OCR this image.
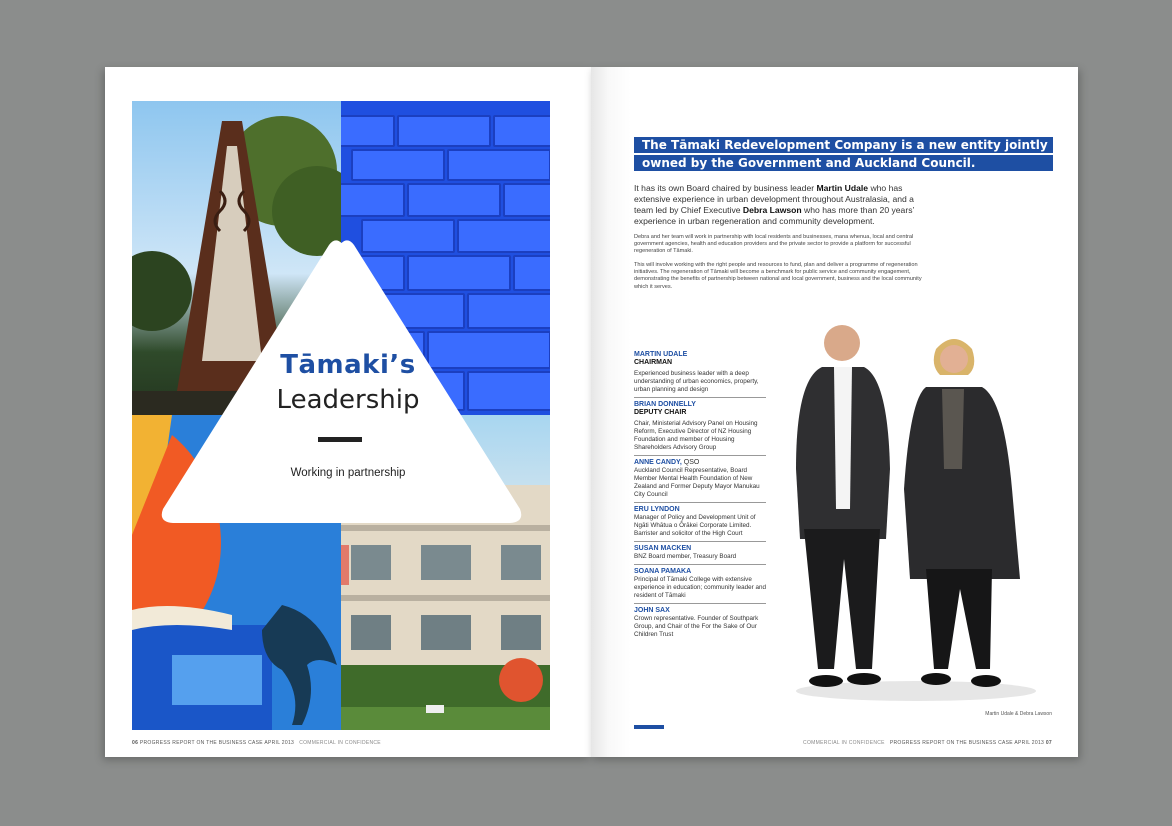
Tāmaki’s
Leadership
Working in partnership
06 PROGRESS REPORT ON THE BUSINESS CASE APRIL 2013 COMMERCIAL IN CONFIDENCE
The Tāmaki Redevelopment Company is a new entity jointly
owned by the Government and Auckland Council.
It has its own Board chaired by business leader Martin Udale who has extensive experience in urban development throughout Australasia, and a team led by Chief Executive Debra Lawson who has more than 20 years’ experience in urban regeneration and community development.
Debra and her team will work in partnership with local residents and businesses, mana whenua, local and central government agencies, health and education providers and the private sector to provide a platform for successful regeneration of Tāmaki.
This will involve working with the right people and resources to fund, plan and deliver a programme of regeneration initiatives. The regeneration of Tāmaki will become a benchmark for public service and community engagement, demonstrating the benefits of partnership between national and local government, business and the local community which it serves.
MARTIN UDALE
CHAIRMAN
Experienced business leader with a deep understanding of urban economics, property, urban planning and design
BRIAN DONNELLY
DEPUTY CHAIR
Chair, Ministerial Advisory Panel on Housing Reform, Executive Director of NZ Housing Foundation and member of Housing Shareholders Advisory Group
ANNE CANDY, QSO
Auckland Council Representative, Board Member Mental Health Foundation of New Zealand and Former Deputy Mayor Manukau City Council
ERU LYNDON
Manager of Policy and Development Unit of Ngāti Whātua o Ōrākei Corporate Limited. Barrister and solicitor of the High Court
SUSAN MACKEN
BNZ Board member, Treasury Board
SOANA PAMAKA
Principal of Tāmaki College with extensive experience in education; community leader and resident of Tāmaki
JOHN SAX
Crown representative. Founder of Southpark Group, and Chair of the For the Sake of Our Children Trust
Martin Udale & Debra Lawson
COMMERCIAL IN CONFIDENCE PROGRESS REPORT ON THE BUSINESS CASE APRIL 2013 07
